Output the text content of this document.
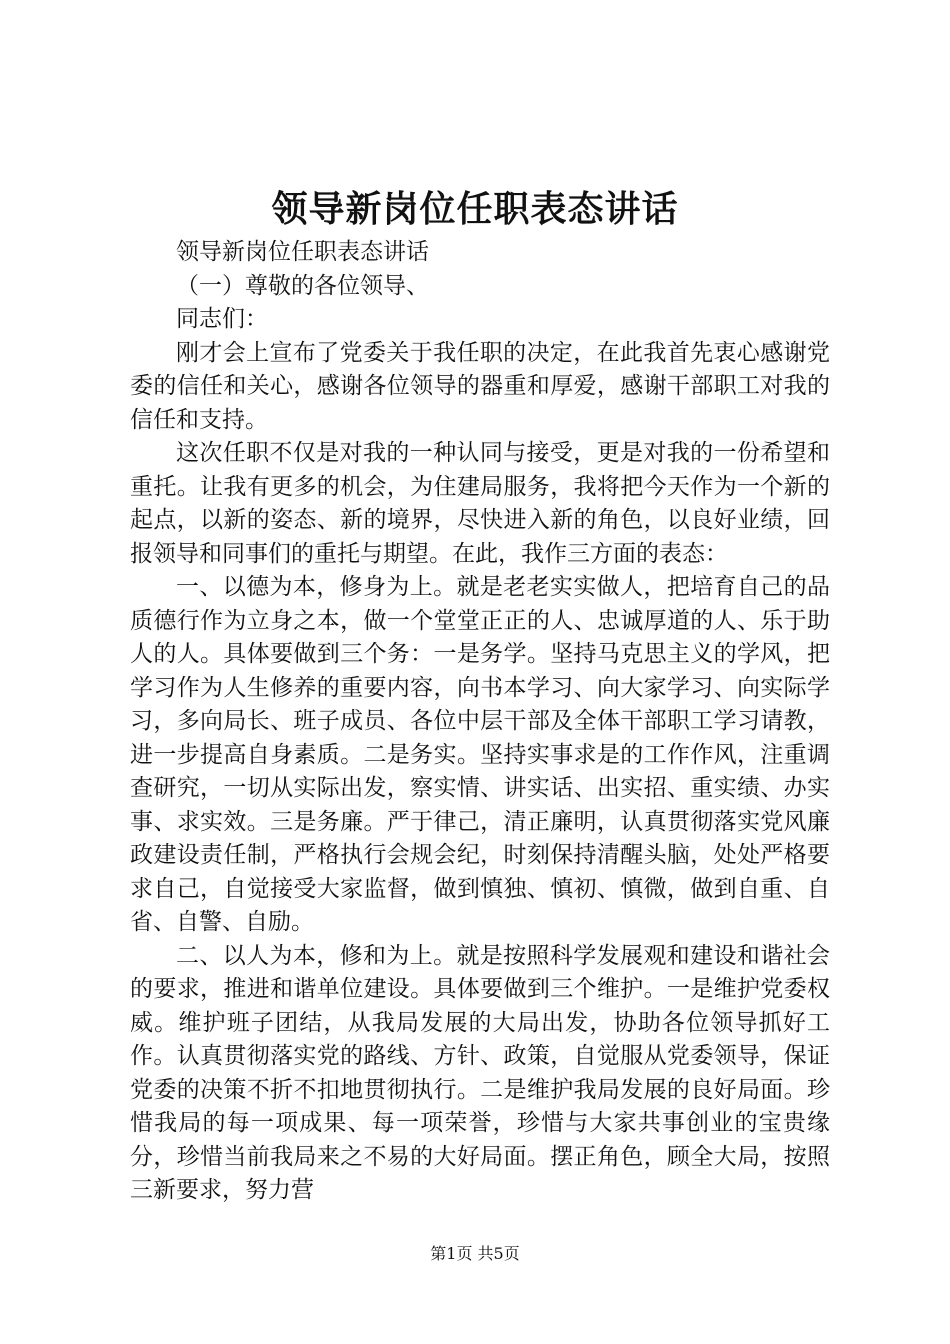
领导新岗位任职表态讲话

领导新岗位任职表态讲话

（一）尊敬的各位领导、

同志们：

刚才会上宣布了党委关于我任职的决定，在此我首先衷心感谢党委的信任和关心，感谢各位领导的器重和厚爱，感谢干部职工对我的信任和支持。

这次任职不仅是对我的一种认同与接受，更是对我的一份希望和重托。让我有更多的机会，为住建局服务，我将把今天作为一个新的起点，以新的姿态、新的境界，尽快进入新的角色，以良好业绩，回报领导和同事们的重托与期望。在此，我作三方面的表态：

一、以德为本，修身为上。就是老老实实做人，把培育自己的品质德行作为立身之本，做一个堂堂正正的人、忠诚厚道的人、乐于助人的人。具体要做到三个务：一是务学。坚持马克思主义的学风，把学习作为人生修养的重要内容，向书本学习、向大家学习、向实际学习，多向局长、班子成员、各位中层干部及全体干部职工学习请教，进一步提高自身素质。二是务实。坚持实事求是的工作作风，注重调查研究，一切从实际出发，察实情、讲实话、出实招、重实绩、办实事、求实效。三是务廉。严于律己，清正廉明，认真贯彻落实党风廉政建设责任制，严格执行会规会纪，时刻保持清醒头脑，处处严格要求自己，自觉接受大家监督，做到慎独、慎初、慎微，做到自重、自省、自警、自励。

二、以人为本，修和为上。就是按照科学发展观和建设和谐社会的要求，推进和谐单位建设。具体要做到三个维护。一是维护党委权威。维护班子团结，从我局发展的大局出发，协助各位领导抓好工作。认真贯彻落实党的路线、方针、政策，自觉服从党委领导，保证党委的决策不折不扣地贯彻执行。二是维护我局发展的良好局面。珍惜我局的每一项成果、每一项荣誉，珍惜与大家共事创业的宝贵缘分，珍惜当前我局来之不易的大好局面。摆正角色，顾全大局，按照三新要求，努力营

第1页 共5页
